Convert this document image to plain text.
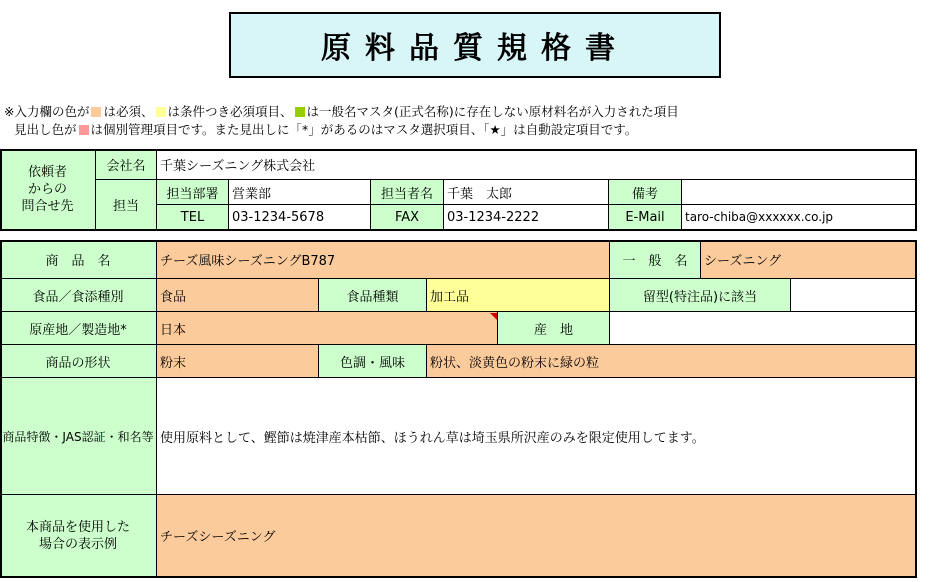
原料品質規格書
※入力欄の色が は必須、 は条件つき必須項目、 は一般名マスタ(正式名称)に存在しない原材料名が入力された項目
見出し色が は個別管理項目です。また見出しに「*」があるのはマスタ選択項目、「★」は自動設定項目です。
依頼者
からの
問合せ先
会社名	千葉シーズニング株式会社
担当
担当部署	営業部	担当者名	千葉　太郎	備考
TEL	03-1234-5678	FAX	03-1234-2222	E-Mail	taro-chiba@xxxxxx.co.jp
商　品　名	チーズ風味シーズニングB787	一　般　名	シーズニング
食品／食添種別	食品	食品種類	加工品	留型(特注品)に該当
原産地／製造地*	日本	産　地
商品の形状	粉末	色調・風味	粉状、淡黄色の粉末に緑の粒
商品特徴・JAS認証・和名等 使用原料として、鰹節は焼津産本枯節、ほうれん草は埼玉県所沢産のみを限定使用してます。
本商品を使用した
場合の表示例	チーズシーズニング
